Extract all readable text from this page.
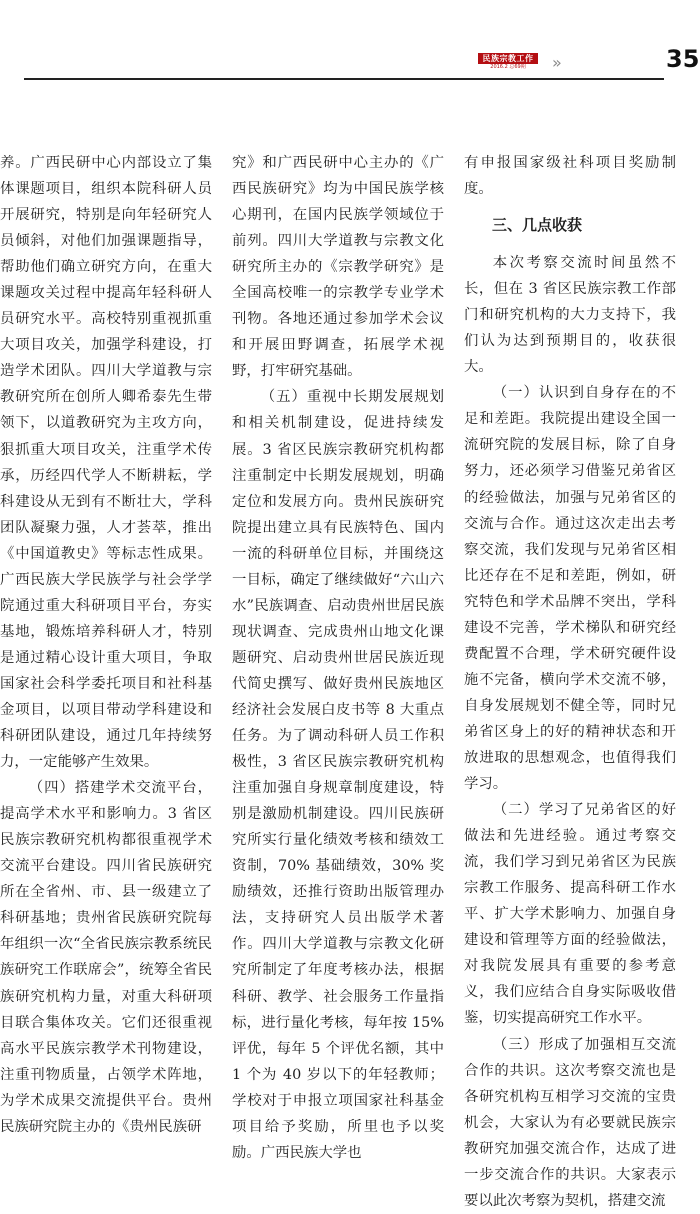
民族宗教工作
2016.2 总69期	»	35

养。广西民研中心内部设立了集体课题项目，组织本院科研人员开展研究，特别是向年轻研究人员倾斜，对他们加强课题指导，帮助他们确立研究方向，在重大课题攻关过程中提高年轻科研人员研究水平。高校特别重视抓重大项目攻关，加强学科建设，打造学术团队。四川大学道教与宗教研究所在创所人卿希泰先生带领下，以道教研究为主攻方向，狠抓重大项目攻关，注重学术传承，历经四代学人不断耕耘，学科建设从无到有不断壮大，学科团队凝聚力强，人才荟萃，推出《中国道教史》等标志性成果。广西民族大学民族学与社会学学院通过重大科研项目平台，夯实基地，锻炼培养科研人才，特别是通过精心设计重大项目，争取国家社会科学委托项目和社科基金项目，以项目带动学科建设和科研团队建设，通过几年持续努力，一定能够产生效果。

（四）搭建学术交流平台，提高学术水平和影响力。3 省区民族宗教研究机构都很重视学术交流平台建设。四川省民族研究所在全省州、市、县一级建立了科研基地；贵州省民族研究院每年组织一次“全省民族宗教系统民族研究工作联席会”，统筹全省民族研究机构力量，对重大科研项目联合集体攻关。它们还很重视高水平民族宗教学术刊物建设，注重刊物质量，占领学术阵地，为学术成果交流提供平台。贵州民族研究院主办的《贵州民族研

究》和广西民研中心主办的《广西民族研究》均为中国民族学核心期刊，在国内民族学领域位于前列。四川大学道教与宗教文化研究所主办的《宗教学研究》是全国高校唯一的宗教学专业学术刊物。各地还通过参加学术会议和开展田野调查，拓展学术视野，打牢研究基础。

（五）重视中长期发展规划和相关机制建设，促进持续发展。3 省区民族宗教研究机构都注重制定中长期发展规划，明确定位和发展方向。贵州民族研究院提出建立具有民族特色、国内一流的科研单位目标，并围绕这一目标，确定了继续做好“六山六水”民族调查、启动贵州世居民族现状调查、完成贵州山地文化课题研究、启动贵州世居民族近现代简史撰写、做好贵州民族地区经济社会发展白皮书等 8 大重点任务。为了调动科研人员工作积极性，3 省区民族宗教研究机构注重加强自身规章制度建设，特别是激励机制建设。四川民族研究所实行量化绩效考核和绩效工资制，70% 基础绩效，30% 奖励绩效，还推行资助出版管理办法，支持研究人员出版学术著作。四川大学道教与宗教文化研究所制定了年度考核办法，根据科研、教学、社会服务工作量指标，进行量化考核，每年按 15% 评优，每年 5 个评优名额，其中 1 个为 40 岁以下的年轻教师；学校对于申报立项国家社科基金项目给予奖励，所里也予以奖励。广西民族大学也

有申报国家级社科项目奖励制度。

三、几点收获

本次考察交流时间虽然不长，但在 3 省区民族宗教工作部门和研究机构的大力支持下，我们认为达到预期目的，收获很大。

（一）认识到自身存在的不足和差距。我院提出建设全国一流研究院的发展目标，除了自身努力，还必须学习借鉴兄弟省区的经验做法，加强与兄弟省区的交流与合作。通过这次走出去考察交流，我们发现与兄弟省区相比还存在不足和差距，例如，研究特色和学术品牌不突出，学科建设不完善，学术梯队和研究经费配置不合理，学术研究硬件设施不完备，横向学术交流不够，自身发展规划不健全等，同时兄弟省区身上的好的精神状态和开放进取的思想观念，也值得我们学习。

（二）学习了兄弟省区的好做法和先进经验。通过考察交流，我们学习到兄弟省区为民族宗教工作服务、提高科研工作水平、扩大学术影响力、加强自身建设和管理等方面的经验做法，对我院发展具有重要的参考意义，我们应结合自身实际吸收借鉴，切实提高研究工作水平。

（三）形成了加强相互交流合作的共识。这次考察交流也是各研究机构互相学习交流的宝贵机会，大家认为有必要就民族宗教研究加强交流合作，达成了进一步交流合作的共识。大家表示要以此次考察为契机，搭建交流
